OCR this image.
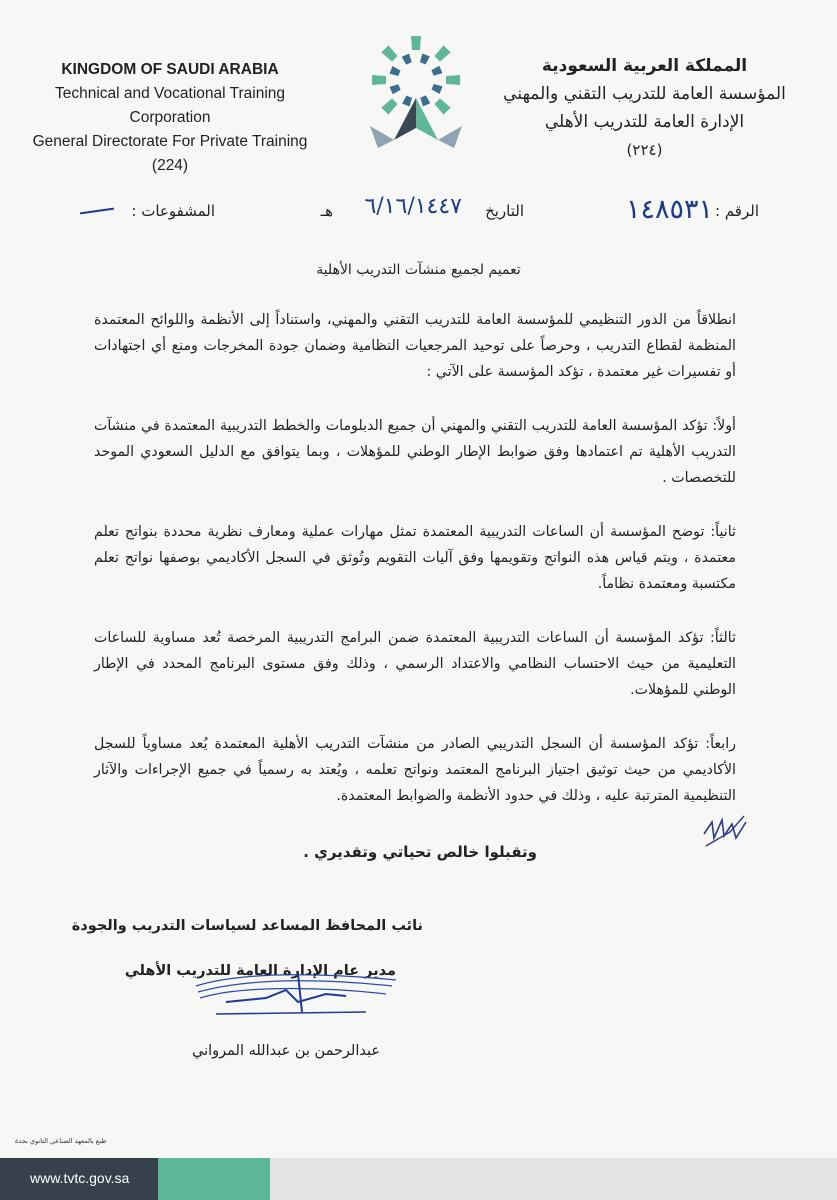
KINGDOM OF SAUDI ARABIA
Technical and Vocational Training Corporation
General Directorate For Private Training
(224)
المملكة العربية السعودية
المؤسسة العامة للتدريب التقني والمهني
الإدارة العامة للتدريب الأهلي
(٢٢٤)
الرقم :
١٤٨٥٣١
التاريخ
٦/١٦/١٤٤٧
هـ
المشفوعات :
تعميم لجميع منشآت التدريب الأهلية

انطلاقاً من الدور التنظيمي للمؤسسة العامة للتدريب التقني والمهني، واستناداً إلى الأنظمة واللوائح المعتمدة المنظمة لقطاع التدريب ، وحرصاً على توحيد المرجعيات النظامية وضمان جودة المخرجات ومنع أي اجتهادات أو تفسيرات غير معتمدة ، تؤكد المؤسسة على الآتي :

أولاً: تؤكد المؤسسة العامة للتدريب التقني والمهني أن جميع الدبلومات والخطط التدريبية المعتمدة في منشآت التدريب الأهلية تم اعتمادها وفق ضوابط الإطار الوطني للمؤهلات ، وبما يتوافق مع الدليل السعودي الموحد للتخصصات .

ثانياً: توضح المؤسسة أن الساعات التدريبية المعتمدة تمثل مهارات عملية ومعارف نظرية محددة بنواتج تعلم معتمدة ، ويتم قياس هذه النواتج وتقويمها وفق آليات التقويم وتُوثق في السجل الأكاديمي بوصفها نواتج تعلم مكتسبة ومعتمدة نظاماً.

ثالثاً: تؤكد المؤسسة أن الساعات التدريبية المعتمدة ضمن البرامج التدريبية المرخصة تُعد مساوية للساعات التعليمية من حيث الاحتساب النظامي والاعتداد الرسمي ، وذلك وفق مستوى البرنامج المحدد في الإطار الوطني للمؤهلات.

رابعاً: تؤكد المؤسسة أن السجل التدريبي الصادر من منشآت التدريب الأهلية المعتمدة يُعد مساوياً للسجل الأكاديمي من حيث توثيق اجتياز البرنامج المعتمد ونواتج تعلمه ، ويُعتد به رسمياً في جميع الإجراءات والآثار التنظيمية المترتبة عليه ، وذلك في حدود الأنظمة والضوابط المعتمدة.

وتقبلوا خالص تحياتي وتقديري .
نائب المحافظ المساعد لسياسات التدريب والجودة
مدير عام الإدارة العامة للتدريب الأهلي
عبدالرحمن بن عبدالله المرواني
طبع بالمعهد الصناعي الثانوي بجدة
www.tvtc.gov.sa
